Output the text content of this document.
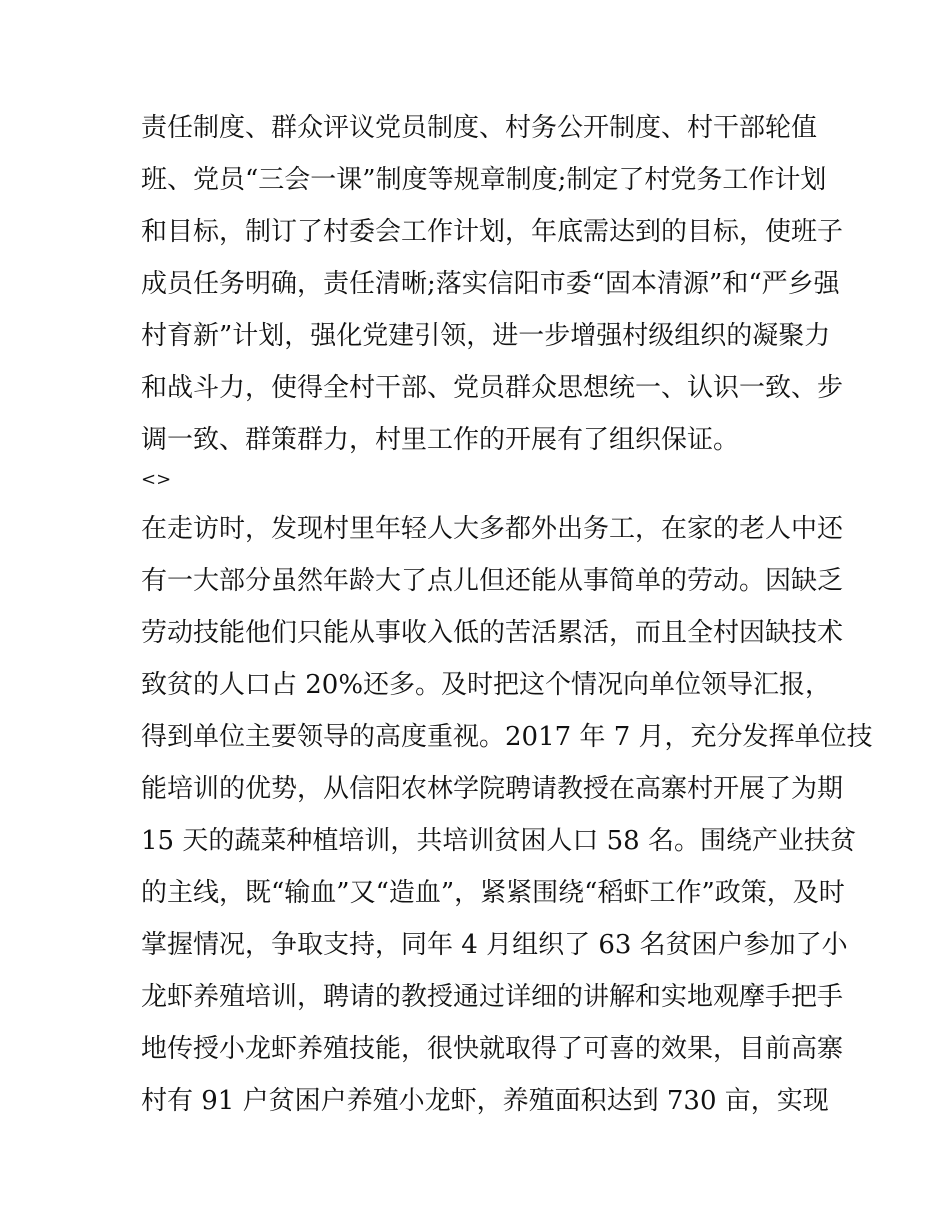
责任制度、群众评议党员制度、村务公开制度、村干部轮值
班、党员“三会一课”制度等规章制度;制定了村党务工作计划
和目标，制订了村委会工作计划，年底需达到的目标，使班子
成员任务明确，责任清晰;落实信阳市委“固本清源”和“严乡强
村育新”计划，强化党建引领，进一步增强村级组织的凝聚力
和战斗力，使得全村干部、党员群众思想统一、认识一致、步
调一致、群策群力，村里工作的开展有了组织保证。
<>
在走访时，发现村里年轻人大多都外出务工，在家的老人中还
有一大部分虽然年龄大了点儿但还能从事简单的劳动。因缺乏
劳动技能他们只能从事收入低的苦活累活，而且全村因缺技术
致贫的人口占 20%还多。及时把这个情况向单位领导汇报，
得到单位主要领导的高度重视。2017 年 7 月，充分发挥单位技
能培训的优势，从信阳农林学院聘请教授在高寨村开展了为期
15 天的蔬菜种植培训，共培训贫困人口 58 名。围绕产业扶贫
的主线，既“输血”又“造血”，紧紧围绕“稻虾工作”政策，及时
掌握情况，争取支持，同年 4 月组织了 63 名贫困户参加了小
龙虾养殖培训，聘请的教授通过详细的讲解和实地观摩手把手
地传授小龙虾养殖技能，很快就取得了可喜的效果，目前高寨
村有 91 户贫困户养殖小龙虾，养殖面积达到 730 亩，实现
